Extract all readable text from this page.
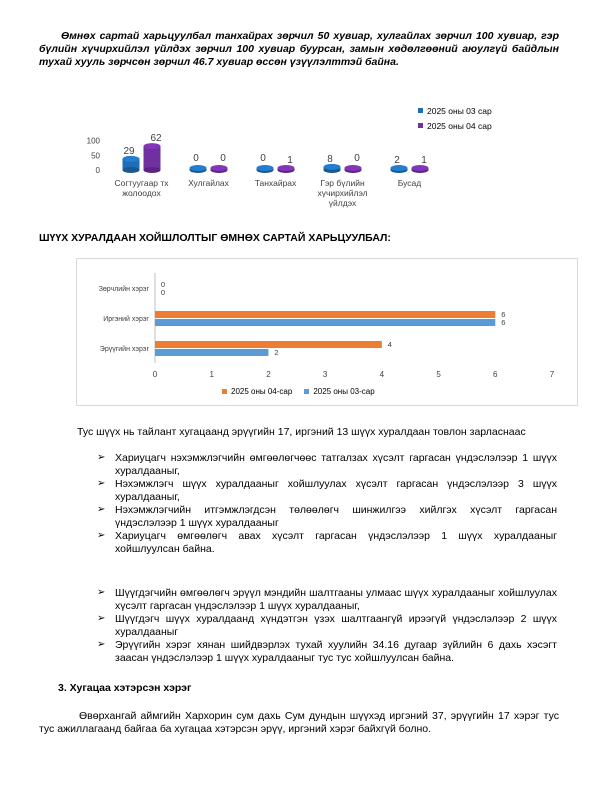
Өмнөх сартай харьцуулбал танхайрах зөрчил 50 хувиар, хулгайлах зөрчил 100 хувиар, гэр бүлийн хүчирхийлэл үйлдэх зөрчил 100 хувиар буурсан, замын хөдөлгөөний аюулгүй байдлын тухай хууль зөрчсөн зөрчил 46.7 хувиар өссөн үзүүлэлттэй байна.

100
50
0
29
62
Согтуугаар тх
жолоодох
0 0
Хулгайлах
0 1
Танхайрах
8 0
Гэр бүлийн
хүчирхийлэл
үйлдэх
2 1
Бусад
2025 оны 03 сар
2025 оны 04 сар

ШҮҮХ ХУРАЛДААН ХОЙШЛОЛТЫГ ӨМНӨХ САРТАЙ ХАРЬЦУУЛБАЛ:

0	1	2	3	4	5	6	7
Зөрчлийн хэрэг
0
0
Иргэний хэрэг
6
6
Эрүүгийн хэрэг
4
2
2025 оны 04-сар	2025 оны 03-сар

Тус шүүх нь тайлант хугацаанд эрүүгийн 17, иргэний 13 шүүх хуралдаан товлон зарласнаас

➢ Хариуцагч нэхэмжлэгчийн өмгөөлөгчөөс татгалзах хүсэлт гаргасан үндэслэлээр 1 шүүх хуралдааныг,
➢ Нэхэмжлэгч шүүх хуралдааныг хойшлуулах хүсэлт гаргасан үндэслэлээр 3 шүүх хуралдааныг,
➢ Нэхэмжлэгчийн итгэмжлэгдсэн төлөөлөгч шинжилгээ хийлгэх хүсэлт гаргасан үндэслэлээр 1 шүүх хуралдааныг
➢ Хариуцагч өмгөөлөгч авах хүсэлт гаргасан үндэслэлээр 1 шүүх хуралдааныг хойшлуулсан байна.
➢ Шүүгдэгчийн өмгөөлөгч эрүүл мэндийн шалтгааны улмаас шүүх хуралдааныг хойшлуулах хүсэлт гаргасан үндэслэлээр 1 шүүх хуралдааныг,
➢ Шүүгдэгч шүүх хуралдаанд хүндэтгэн үзэх шалтгаангүй ирээгүй үндэслэлээр 2 шүүх хуралдааныг
➢ Эрүүгийн хэрэг хянан шийдвэрлэх тухай хуулийн 34.16 дугаар зүйлийн 6 дахь хэсэгт заасан үндэслэлээр 1 шүүх хуралдааныг тус тус хойшлуулсан байна.

3. Хугацаа хэтэрсэн хэрэг

Өвөрхангай аймгийн Хархорин сум дахь Сум дундын шүүхэд иргэний 37, эрүүгийн 17 хэрэг тус тус ажиллагаанд байгаа ба хугацаа хэтэрсэн эрүү, иргэний хэрэг байхгүй болно.
